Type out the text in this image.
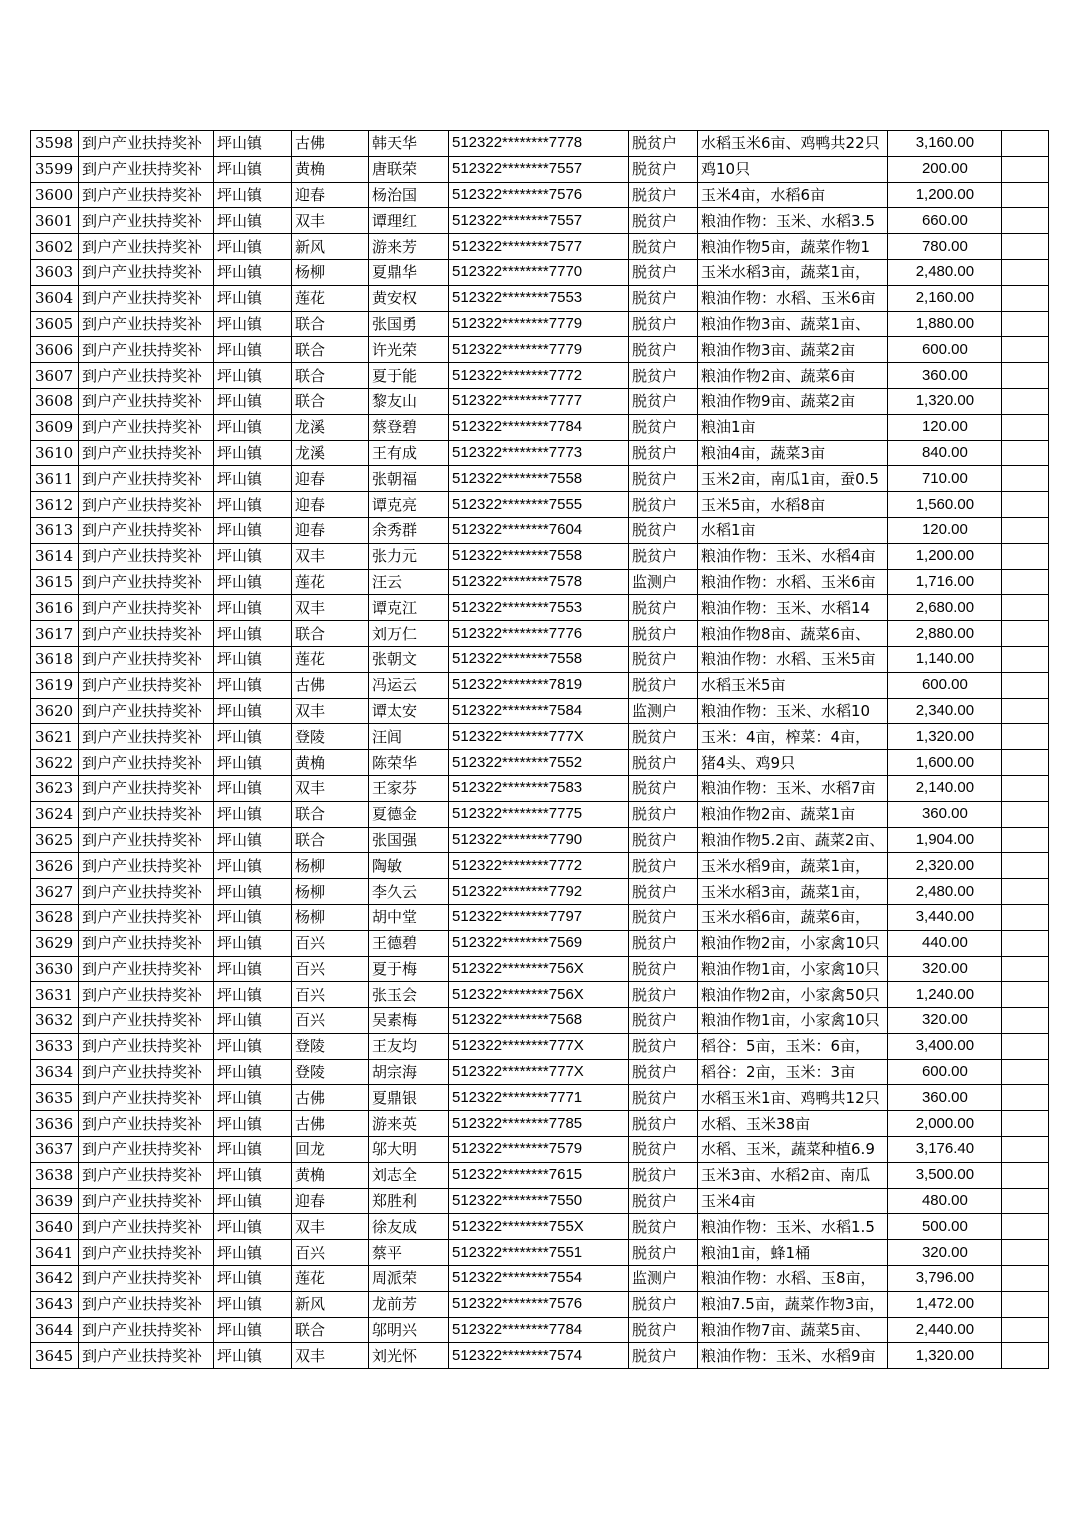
3598	到户产业扶持奖补	坪山镇	古佛	韩天华	512322********7778	脱贫户	水稻玉米6亩、鸡鸭共22只	3,160.00	
3599	到户产业扶持奖补	坪山镇	黄桷	唐联荣	512322********7557	脱贫户	鸡10只	200.00	
3600	到户产业扶持奖补	坪山镇	迎春	杨治国	512322********7576	脱贫户	玉米4亩，水稻6亩	1,200.00	
3601	到户产业扶持奖补	坪山镇	双丰	谭理红	512322********7557	脱贫户	粮油作物：玉米、水稻3.5	660.00	
3602	到户产业扶持奖补	坪山镇	新风	游来芳	512322********7577	脱贫户	粮油作物5亩，蔬菜作物1	780.00	
3603	到户产业扶持奖补	坪山镇	杨柳	夏鼎华	512322********7770	脱贫户	玉米水稻3亩，蔬菜1亩，	2,480.00	
3604	到户产业扶持奖补	坪山镇	莲花	黄安权	512322********7553	脱贫户	粮油作物：水稻、玉米6亩	2,160.00	
3605	到户产业扶持奖补	坪山镇	联合	张国勇	512322********7779	脱贫户	粮油作物3亩、蔬菜1亩、	1,880.00	
3606	到户产业扶持奖补	坪山镇	联合	许光荣	512322********7779	脱贫户	粮油作物3亩、蔬菜2亩	600.00	
3607	到户产业扶持奖补	坪山镇	联合	夏于能	512322********7772	脱贫户	粮油作物2亩、蔬菜6亩	360.00	
3608	到户产业扶持奖补	坪山镇	联合	黎友山	512322********7777	脱贫户	粮油作物9亩、蔬菜2亩	1,320.00	
3609	到户产业扶持奖补	坪山镇	龙溪	蔡登碧	512322********7784	脱贫户	粮油1亩	120.00	
3610	到户产业扶持奖补	坪山镇	龙溪	王有成	512322********7773	脱贫户	粮油4亩，蔬菜3亩	840.00	
3611	到户产业扶持奖补	坪山镇	迎春	张朝福	512322********7558	脱贫户	玉米2亩，南瓜1亩，蚕0.5	710.00	
3612	到户产业扶持奖补	坪山镇	迎春	谭克亮	512322********7555	脱贫户	玉米5亩，水稻8亩	1,560.00	
3613	到户产业扶持奖补	坪山镇	迎春	余秀群	512322********7604	脱贫户	水稻1亩	120.00	
3614	到户产业扶持奖补	坪山镇	双丰	张力元	512322********7558	脱贫户	粮油作物：玉米、水稻4亩	1,200.00	
3615	到户产业扶持奖补	坪山镇	莲花	汪云	512322********7578	监测户	粮油作物：水稻、玉米6亩	1,716.00	
3616	到户产业扶持奖补	坪山镇	双丰	谭克江	512322********7553	脱贫户	粮油作物：玉米、水稻14	2,680.00	
3617	到户产业扶持奖补	坪山镇	联合	刘万仁	512322********7776	脱贫户	粮油作物8亩、蔬菜6亩、	2,880.00	
3618	到户产业扶持奖补	坪山镇	莲花	张朝文	512322********7558	脱贫户	粮油作物：水稻、玉米5亩	1,140.00	
3619	到户产业扶持奖补	坪山镇	古佛	冯运云	512322********7819	脱贫户	水稻玉米5亩	600.00	
3620	到户产业扶持奖补	坪山镇	双丰	谭太安	512322********7584	监测户	粮油作物：玉米、水稻10	2,340.00	
3621	到户产业扶持奖补	坪山镇	登陵	汪闾	512322********777X	脱贫户	玉米：4亩，榨菜：4亩，	1,320.00	
3622	到户产业扶持奖补	坪山镇	黄桷	陈荣华	512322********7552	脱贫户	猪4头、鸡9只	1,600.00	
3623	到户产业扶持奖补	坪山镇	双丰	王家芬	512322********7583	脱贫户	粮油作物：玉米、水稻7亩	2,140.00	
3624	到户产业扶持奖补	坪山镇	联合	夏德金	512322********7775	脱贫户	粮油作物2亩、蔬菜1亩	360.00	
3625	到户产业扶持奖补	坪山镇	联合	张国强	512322********7790	脱贫户	粮油作物5.2亩、蔬菜2亩、	1,904.00	
3626	到户产业扶持奖补	坪山镇	杨柳	陶敏	512322********7772	脱贫户	玉米水稻9亩，蔬菜1亩，	2,320.00	
3627	到户产业扶持奖补	坪山镇	杨柳	李久云	512322********7792	脱贫户	玉米水稻3亩，蔬菜1亩，	2,480.00	
3628	到户产业扶持奖补	坪山镇	杨柳	胡中堂	512322********7797	脱贫户	玉米水稻6亩，蔬菜6亩，	3,440.00	
3629	到户产业扶持奖补	坪山镇	百兴	王德碧	512322********7569	脱贫户	粮油作物2亩，小家禽10只	440.00	
3630	到户产业扶持奖补	坪山镇	百兴	夏于梅	512322********756X	脱贫户	粮油作物1亩，小家禽10只	320.00	
3631	到户产业扶持奖补	坪山镇	百兴	张玉会	512322********756X	脱贫户	粮油作物2亩，小家禽50只	1,240.00	
3632	到户产业扶持奖补	坪山镇	百兴	吴素梅	512322********7568	脱贫户	粮油作物1亩，小家禽10只	320.00	
3633	到户产业扶持奖补	坪山镇	登陵	王友均	512322********777X	脱贫户	稻谷：5亩，玉米：6亩，	3,400.00	
3634	到户产业扶持奖补	坪山镇	登陵	胡宗海	512322********777X	脱贫户	稻谷：2亩，玉米：3亩	600.00	
3635	到户产业扶持奖补	坪山镇	古佛	夏鼎银	512322********7771	脱贫户	水稻玉米1亩、鸡鸭共12只	360.00	
3636	到户产业扶持奖补	坪山镇	古佛	游来英	512322********7785	脱贫户	水稻、玉米38亩	2,000.00	
3637	到户产业扶持奖补	坪山镇	回龙	邬大明	512322********7579	脱贫户	水稻、玉米，蔬菜种植6.9	3,176.40	
3638	到户产业扶持奖补	坪山镇	黄桷	刘志全	512322********7615	脱贫户	玉米3亩、水稻2亩、南瓜	3,500.00	
3639	到户产业扶持奖补	坪山镇	迎春	郑胜利	512322********7550	脱贫户	玉米4亩	480.00	
3640	到户产业扶持奖补	坪山镇	双丰	徐友成	512322********755X	脱贫户	粮油作物：玉米、水稻1.5	500.00	
3641	到户产业扶持奖补	坪山镇	百兴	蔡平	512322********7551	脱贫户	粮油1亩，蜂1桶	320.00	
3642	到户产业扶持奖补	坪山镇	莲花	周派荣	512322********7554	监测户	粮油作物：水稻、玉8亩，	3,796.00	
3643	到户产业扶持奖补	坪山镇	新风	龙前芳	512322********7576	脱贫户	粮油7.5亩，蔬菜作物3亩，	1,472.00	
3644	到户产业扶持奖补	坪山镇	联合	邬明兴	512322********7784	脱贫户	粮油作物7亩、蔬菜5亩、	2,440.00	
3645	到户产业扶持奖补	坪山镇	双丰	刘光怀	512322********7574	脱贫户	粮油作物：玉米、水稻9亩	1,320.00	
